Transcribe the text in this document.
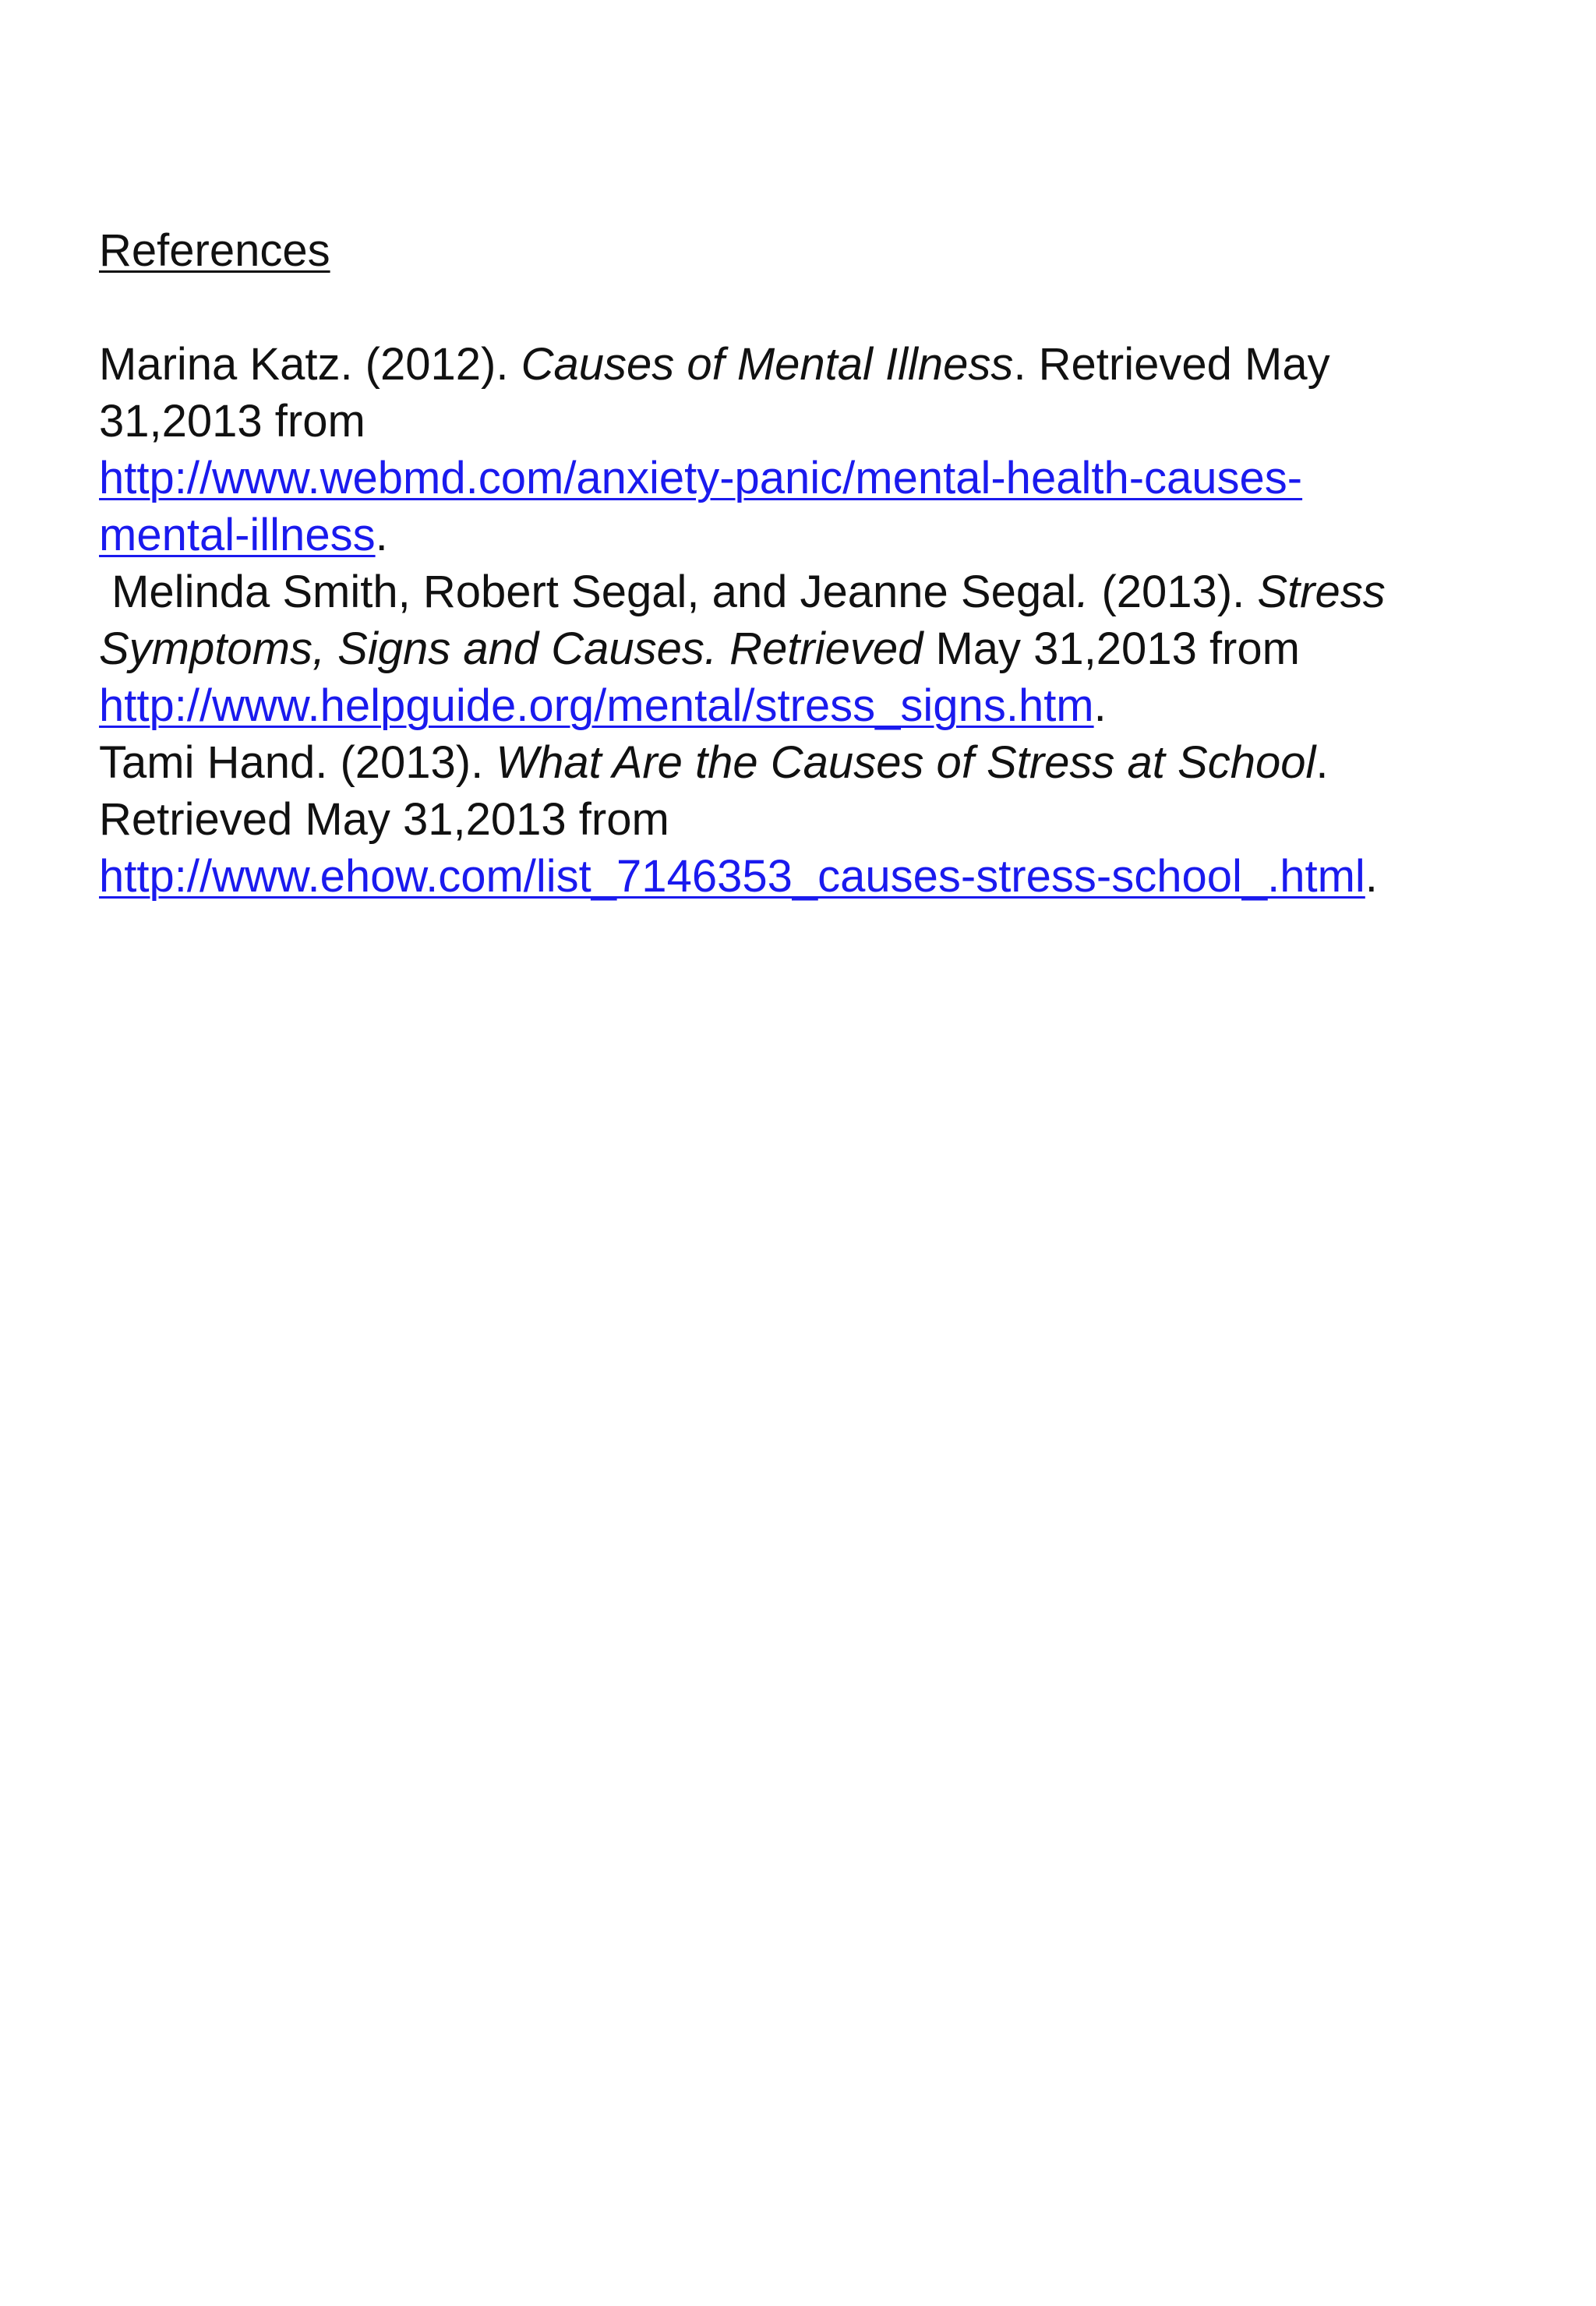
References

Marina Katz. (2012). Causes of Mental Illness. Retrieved May 31,2013 from
http://www.webmd.com/anxiety-panic/mental-health-causes-
mental-illness.

Melinda Smith, Robert Segal, and Jeanne Segal. (2013). Stress Symptoms, Signs and Causes. Retrieved May 31,2013 from
http://www.helpguide.org/mental/stress_signs.htm.

Tami Hand. (2013). What Are the Causes of Stress at School. Retrieved May 31,2013 from
http://www.ehow.com/list_7146353_causes-stress-school_.html.
